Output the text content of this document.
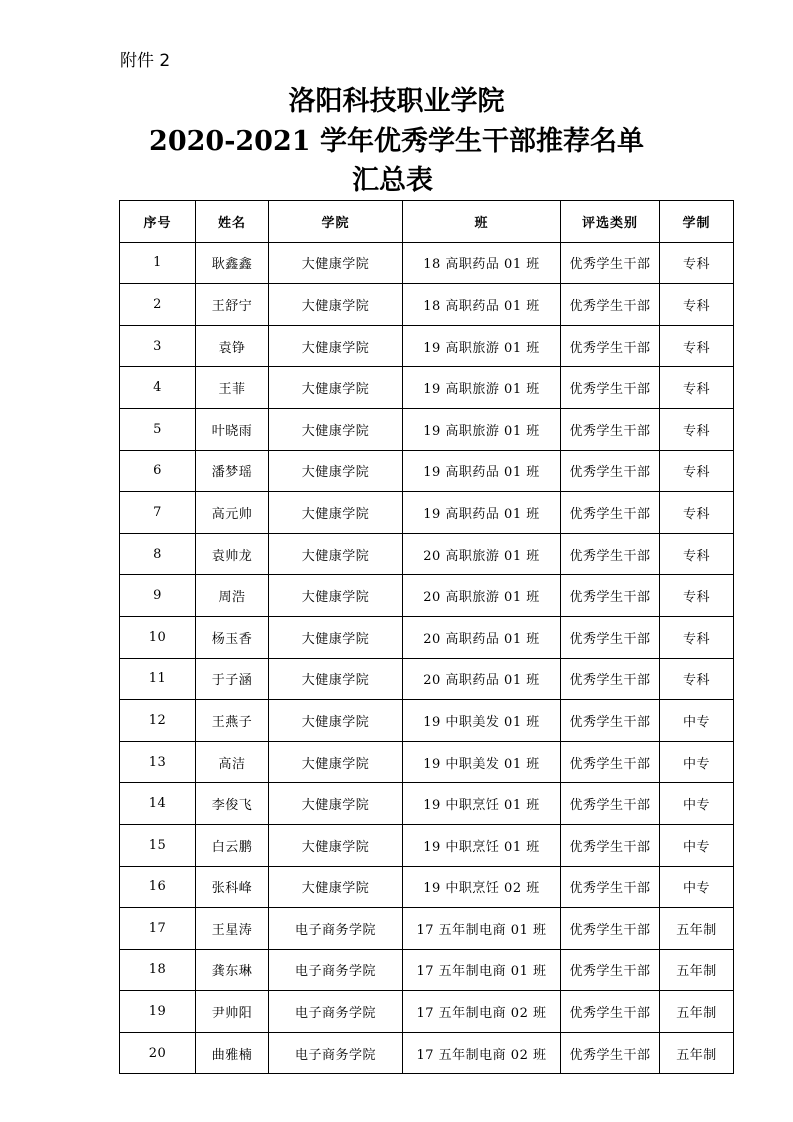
附件 2
洛阳科技职业学院
2020-2021 学年优秀学生干部推荐名单
汇总表
序号	姓名	学院	班	评选类别	学制
1	耿鑫鑫	大健康学院	18 高职药品 01 班	优秀学生干部	专科
2	王舒宁	大健康学院	18 高职药品 01 班	优秀学生干部	专科
3	袁铮	大健康学院	19 高职旅游 01 班	优秀学生干部	专科
4	王菲	大健康学院	19 高职旅游 01 班	优秀学生干部	专科
5	叶晓雨	大健康学院	19 高职旅游 01 班	优秀学生干部	专科
6	潘梦瑶	大健康学院	19 高职药品 01 班	优秀学生干部	专科
7	高元帅	大健康学院	19 高职药品 01 班	优秀学生干部	专科
8	袁帅龙	大健康学院	20 高职旅游 01 班	优秀学生干部	专科
9	周浩	大健康学院	20 高职旅游 01 班	优秀学生干部	专科
10	杨玉香	大健康学院	20 高职药品 01 班	优秀学生干部	专科
11	于子涵	大健康学院	20 高职药品 01 班	优秀学生干部	专科
12	王燕子	大健康学院	19 中职美发 01 班	优秀学生干部	中专
13	高洁	大健康学院	19 中职美发 01 班	优秀学生干部	中专
14	李俊飞	大健康学院	19 中职烹饪 01 班	优秀学生干部	中专
15	白云鹏	大健康学院	19 中职烹饪 01 班	优秀学生干部	中专
16	张科峰	大健康学院	19 中职烹饪 02 班	优秀学生干部	中专
17	王星涛	电子商务学院	17 五年制电商 01 班	优秀学生干部	五年制
18	龚东琳	电子商务学院	17 五年制电商 01 班	优秀学生干部	五年制
19	尹帅阳	电子商务学院	17 五年制电商 02 班	优秀学生干部	五年制
20	曲雅楠	电子商务学院	17 五年制电商 02 班	优秀学生干部	五年制
